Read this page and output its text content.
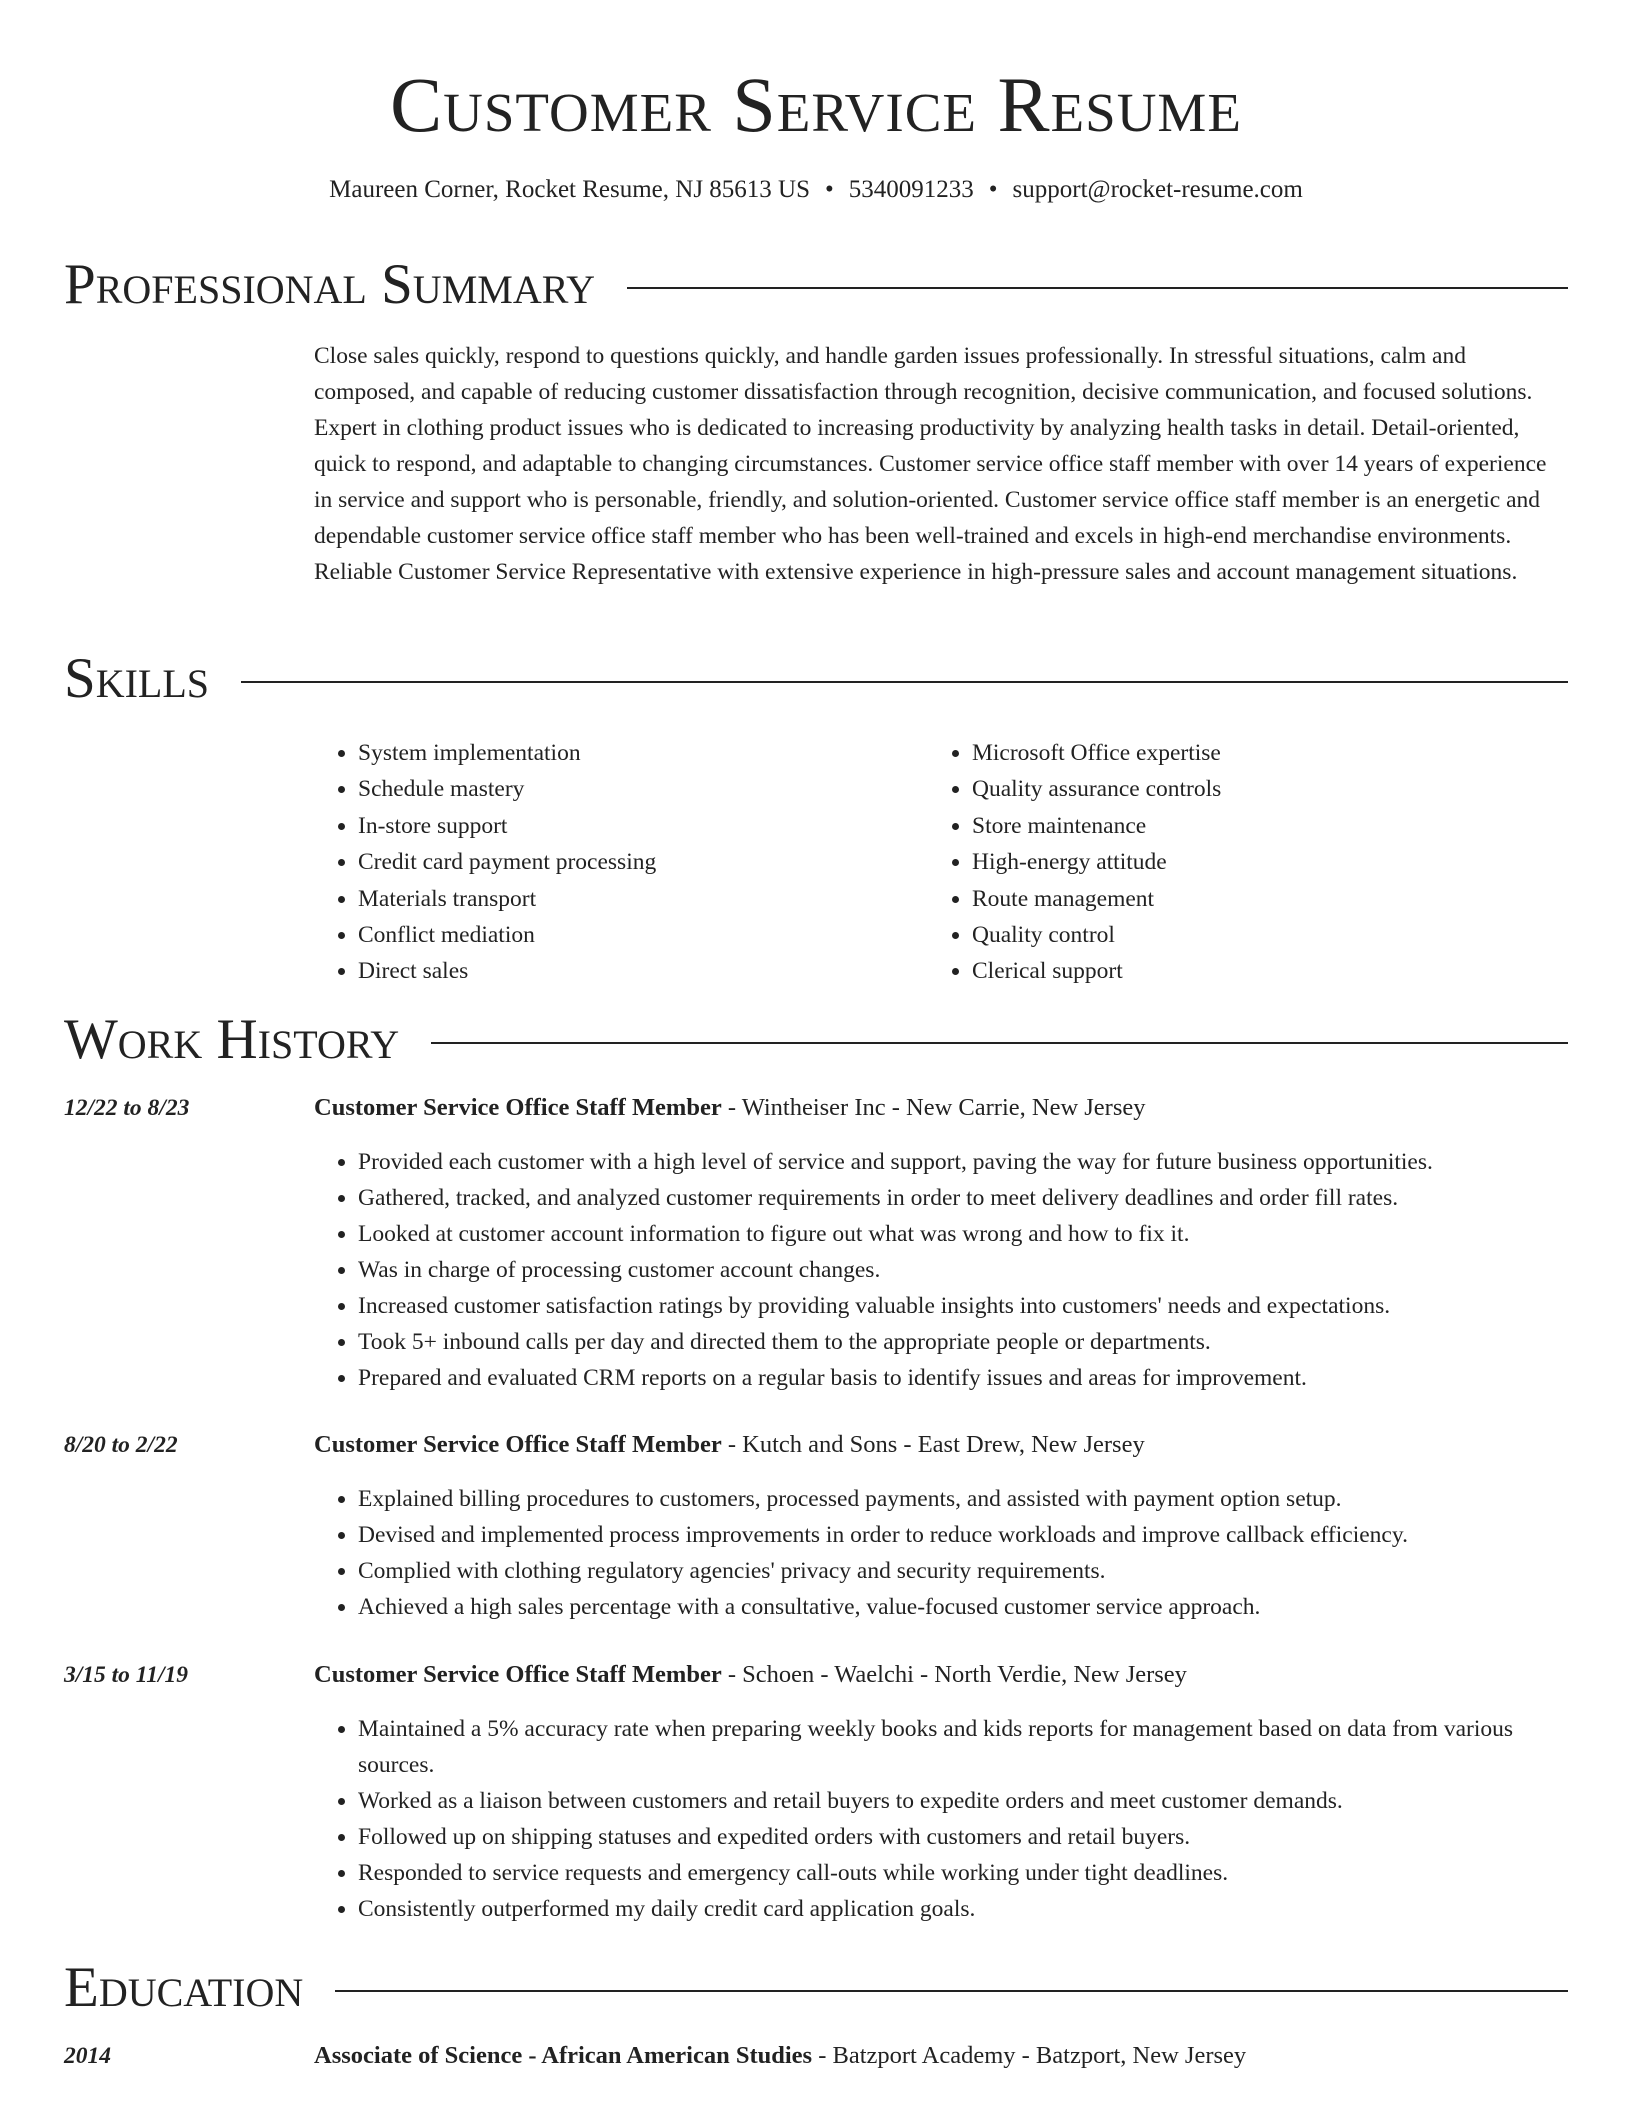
Customer Service Resume
Maureen Corner, Rocket Resume, NJ 85613 US • 5340091233 • support@rocket-resume.com
Professional Summary

Close sales quickly, respond to questions quickly, and handle garden issues professionally. In stressful situations, calm and composed, and capable of reducing customer dissatisfaction through recognition, decisive communication, and focused solutions. Expert in clothing product issues who is dedicated to increasing productivity by analyzing health tasks in detail. Detail-oriented, quick to respond, and adaptable to changing circumstances. Customer service office staff member with over 14 years of experience in service and support who is personable, friendly, and solution-oriented. Customer service office staff member is an energetic and dependable customer service office staff member who has been well-trained and excels in high-end merchandise environments. Reliable Customer Service Representative with extensive experience in high-pressure sales and account management situations.

Skills
• System implementation
• Schedule mastery
• In-store support
• Credit card payment processing
• Materials transport
• Conflict mediation
• Direct sales
• Microsoft Office expertise
• Quality assurance controls
• Store maintenance
• High-energy attitude
• Route management
• Quality control
• Clerical support
Work History
12/22 to 8/23	Customer Service Office Staff Member - Wintheiser Inc - New Carrie, New Jersey
• Provided each customer with a high level of service and support, paving the way for future business opportunities.
• Gathered, tracked, and analyzed customer requirements in order to meet delivery deadlines and order fill rates.
• Looked at customer account information to figure out what was wrong and how to fix it.
• Was in charge of processing customer account changes.
• Increased customer satisfaction ratings by providing valuable insights into customers' needs and expectations.
• Took 5+ inbound calls per day and directed them to the appropriate people or departments.
• Prepared and evaluated CRM reports on a regular basis to identify issues and areas for improvement.
8/20 to 2/22	Customer Service Office Staff Member - Kutch and Sons - East Drew, New Jersey
• Explained billing procedures to customers, processed payments, and assisted with payment option setup.
• Devised and implemented process improvements in order to reduce workloads and improve callback efficiency.
• Complied with clothing regulatory agencies' privacy and security requirements.
• Achieved a high sales percentage with a consultative, value-focused customer service approach.
3/15 to 11/19	Customer Service Office Staff Member - Schoen - Waelchi - North Verdie, New Jersey
• Maintained a 5% accuracy rate when preparing weekly books and kids reports for management based on data from various sources.
• Worked as a liaison between customers and retail buyers to expedite orders and meet customer demands.
• Followed up on shipping statuses and expedited orders with customers and retail buyers.
• Responded to service requests and emergency call-outs while working under tight deadlines.
• Consistently outperformed my daily credit card application goals.
Education
2014	Associate of Science - African American Studies - Batzport Academy - Batzport, New Jersey
